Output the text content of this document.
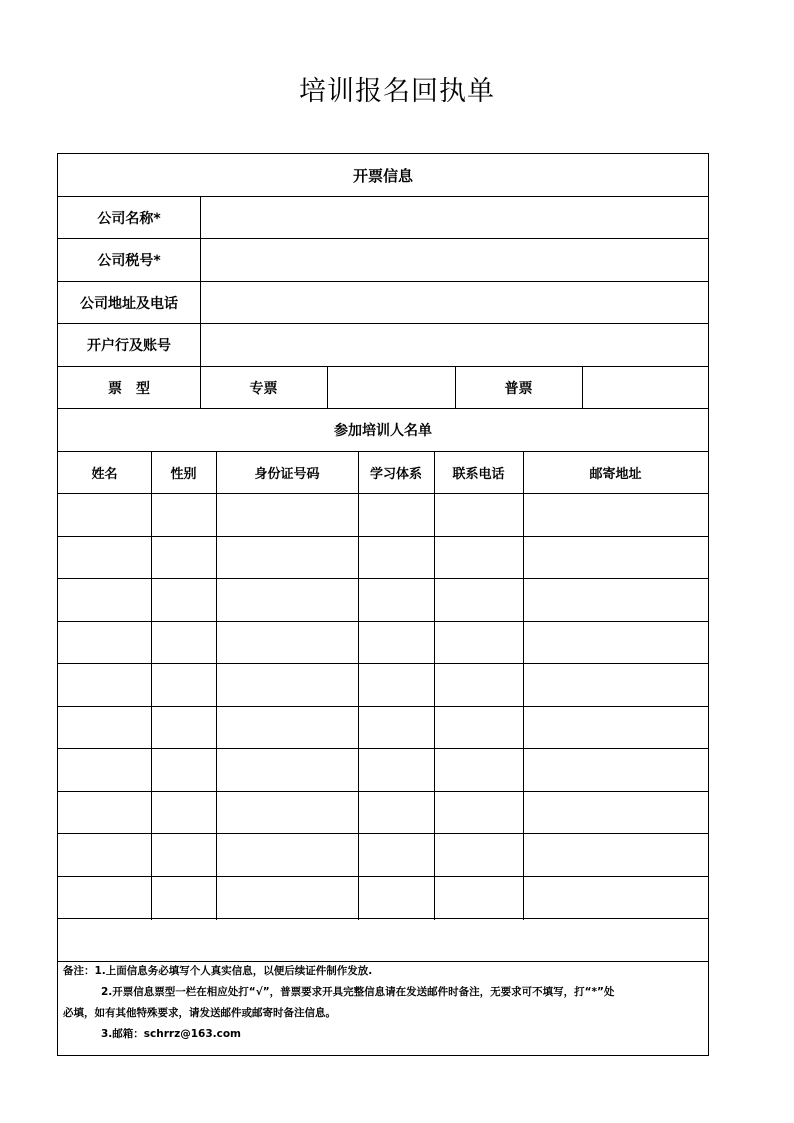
培训报名回执单
开票信息
公司名称*
公司税号*
公司地址及电话
开户行及账号
票　型	专票	普票
参加培训人名单
姓名	性别	身份证号码	学习体系	联系电话	邮寄地址
备注：1.上面信息务必填写个人真实信息，以便后续证件制作发放.
2.开票信息票型一栏在相应处打“√”，普票要求开具完整信息请在发送邮件时备注，无要求可不填写，打“*”处
必填，如有其他特殊要求，请发送邮件或邮寄时备注信息。
3.邮箱：schrrz@163.com
